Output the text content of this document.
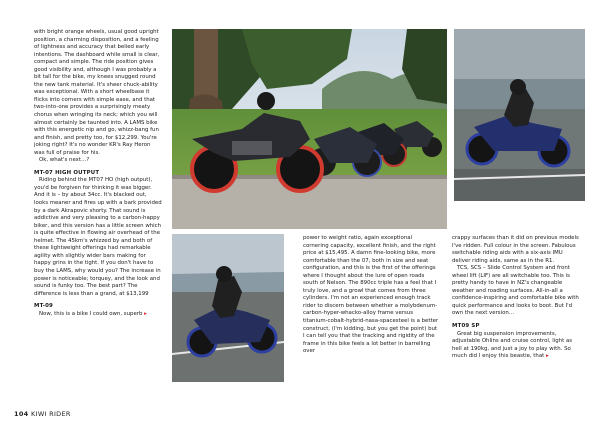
with bright orange wheels, usual good upright position, a charming disposition, and a feeling of lightness and accuracy that belied early intentions. The dashboard while small is clear, compact and simple. The ride position gives good visibility and, although I was probably a bit tall for the bike, my knees snugged round the new tank material. It's sheer chuck-ability was exceptional. With a short wheelbase it flicks into corners with simple ease, and that two-into-one provides a surprisingly meaty chorus when wringing its neck; which you will almost certainly be taunted into. A LAMS bike with this energetic nip and go, whizz-bang fun and finish, and pretty too, for $12,299. You're joking right? It's no wonder KR's Ray Heron was full of praise for his.

Ok, what's next…?

MT-07 HIGH OUTPUT

Riding behind the MT07 HO (high output), you'd be forgiven for thinking it was bigger. And it is – by about 34cc. It's blacked out, looks meaner and fires up with a bark provided by a dark Akrapovic shorty. That sound is addictive and very pleasing to a carbon-happy biker, and this version has a little screen which is quite effective in flowing air overhead of the helmet. The 45km's whizzed by and both of these lightweight offerings had remarkable agility with slightly wider bars making for happy grins in the tight. If you don't have to buy the LAMS, why would you? The increase in power is noticeable; torquey, and the look and sound is funky too. The best part? The difference is less than a grand, at $13,199

MT-09

Now, this is a bike I could own, superb ▸

power to weight ratio, again exceptional cornering capacity, excellent finish, and the right price at $15,495. A damn fine-looking bike, more comfortable than the 07, both in size and seat configuration, and this is the first of the offerings where I thought about the lure of open roads south of Nelson. The 890cc triple has a feel that I truly love, and a growl that comes from three cylinders. I'm not an experienced enough track rider to discern between whether a molybdenum-carbon-hyper-whacko-alloy frame versus titanium-cobalt-hybrid-nasa-spacesteel is a better construct, (I'm kidding, but you get the point) but I can tell you that the tracking and rigidity of the frame in this bike feels a lot better in barrelling over

crappy surfaces than it did on previous models I've ridden. Full colour in the screen. Fabulous switchable riding aids with a six-axis IMU deliver riding aids, same as in the R1.

TCS, SCS – Slide Control System and front wheel lift (LIF) are all switchable too. This is pretty handy to have in NZ's changeable weather and roading surfaces. All-in-all a confidence-inspiring and comfortable bike with quick performance and looks to boot. But I'd own the next version…

MT09 SP

Great big suspension improvements, adjustable Ohlins and cruise control, light as hell at 190kg, and just a joy to play with. So much did I enjoy this beastie, that ▸

104 KIWI RIDER
